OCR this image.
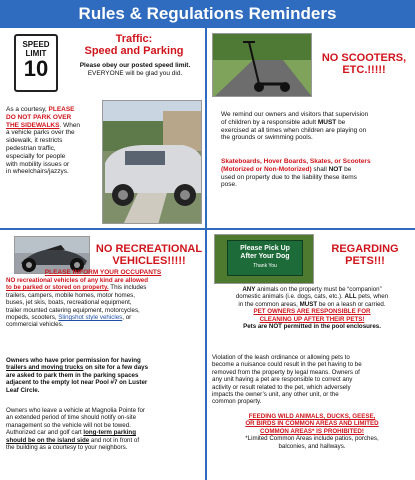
Rules & Regulations Reminders
SPEED
LIMIT
10
Traffic:
Speed and Parking
Please obey our posted speed limit.
EVERYONE will be glad you did.
As a courtesy, PLEASE
DO NOT PARK OVER
THE SIDEWALKS. When
a vehicle parks over the
sidewalk, it restricts
pedestrian traffic,
especially for people
with mobility issues or
in wheelchairs/jazzys.
NO SCOOTERS,
ETC.!!!!!
We remind our owners and visitors that supervision
of children by a responsible adult MUST be
exercised at all times when children are playing on
the grounds or swimming pools.
Skateboards, Hover Boards, Skates, or Scooters
(Motorized or Non-Motorized) shall NOT be
used on property due to the liability these items
pose.
NO RECREATIONAL
VEHICLES!!!!!
PLEASE INFORM YOUR OCCUPANTS
NO recreational vehicles of any kind are allowed
to be parked or stored on property. This includes
trailers, campers, mobile homes, motor homes,
buses, jet skis, boats, recreational equipment,
trailer mounted catering equipment, motorcycles,
mopeds, scooters, Slingshot style vehicles, or
commercial vehicles.
Owners who have prior permission for having
trailers and moving trucks on site for a few days
are asked to park them in the parking spaces
adjacent to the empty lot near Pool #7 on Luster
Leaf Circle.
Owners who leave a vehicle at Magnolia Pointe for
an extended period of time should notify on-site
management so the vehicle will not be towed.
Authorized car and golf cart long-term parking
should be on the island side and not in front of
the building as a courtesy to your neighbors.
Please Pick Up
After Your Dog
Thank You
REGARDING
PETS!!!
ANY animals on the property must be “companion”
domestic animals (i.e. dogs, cats, etc.). ALL pets, when
in the common areas, MUST be on a leash or carried.
PET OWNERS ARE RESPONSIBLE FOR
CLEANING UP AFTER THEIR PETS!
Pets are NOT permitted in the pool enclosures.
Violation of the leash ordinance or allowing pets to
become a nuisance could result in the pet having to be
removed from the property by legal means. Owners of
any unit having a pet are responsible to correct any
activity or result related to the pet, which adversely
impacts the owner’s unit, any other unit, or the
common property.
FEEDING WILD ANIMALS, DUCKS, GEESE,
OR BIRDS IN COMMON AREAS AND LIMITED
COMMON AREAS* IS PROHIBITED!
*Limited Common Areas include patios, porches,
balconies, and hallways.
